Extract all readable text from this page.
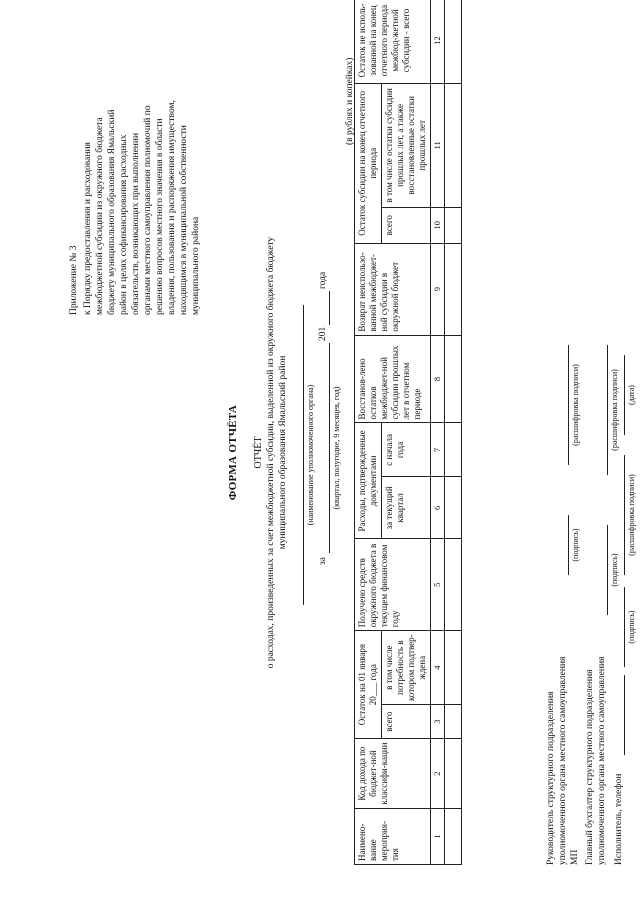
Приложение № 3 к Порядку предоставления и расходования межбюджетной субсидии из окружного бюджета бюджету муниципального образования Ямальский район в целях софинансирования расходных обязательств, возникающих при выполнении органами местного самоуправления полномочий по решению вопросов местного значения в области владения, пользования и распоряжения имуществом, находящимся в муниципальной собственности муниципального района
ФОРМА ОТЧЁТА ОТЧЁТ о расходах, произведенных за счет межбюджетной субсидии, выделенной из окружного бюджета бюджету муниципального образования Ямальский район (наименование уполномоченного органа)
за
201
года
(квартал, полугодие, 9 месяцев, год)
(в рублях и копейках)
Наимено-вание мероприя-тия	Код дохода по бюджет-ной классифи-кации	Остаток на 01 января 20___ года		Получено средств окружного бюджета в текущем финансовом году	Расходы, подтвержденные документами		Восстанов-лено остатков межбюджет-ной субсидии прошлых лет в отчетном периоде	Возврат неиспользо-ванной межбюджет-ной субсидии в окружной бюджет	Остаток субсидии на конец отчетного периода		Остаток не исполь-зованной на конец отчетного периода межбюд-жетной субсидии - всего
		всего	в том числе потребность в котором подтвер-ждена		за текущий квартал	с начала года			всего	в том числе остатки субсидии прошлых лет, а также восстановленные остатки прошлых лет	
1	2	3	4	5	6	7	8	9	10	11	12

Руководитель структурного подразделения уполномоченного органа местного самоуправления
(подпись)
(расшифровка подписи)
МП Главный бухгалтер структурного подразделения уполномоченного органа местного самоуправления
(подпись)
(расшифровка подписи)
Исполнитель, телефон
(подпись)
(расшифровка подписи)
(дата)
